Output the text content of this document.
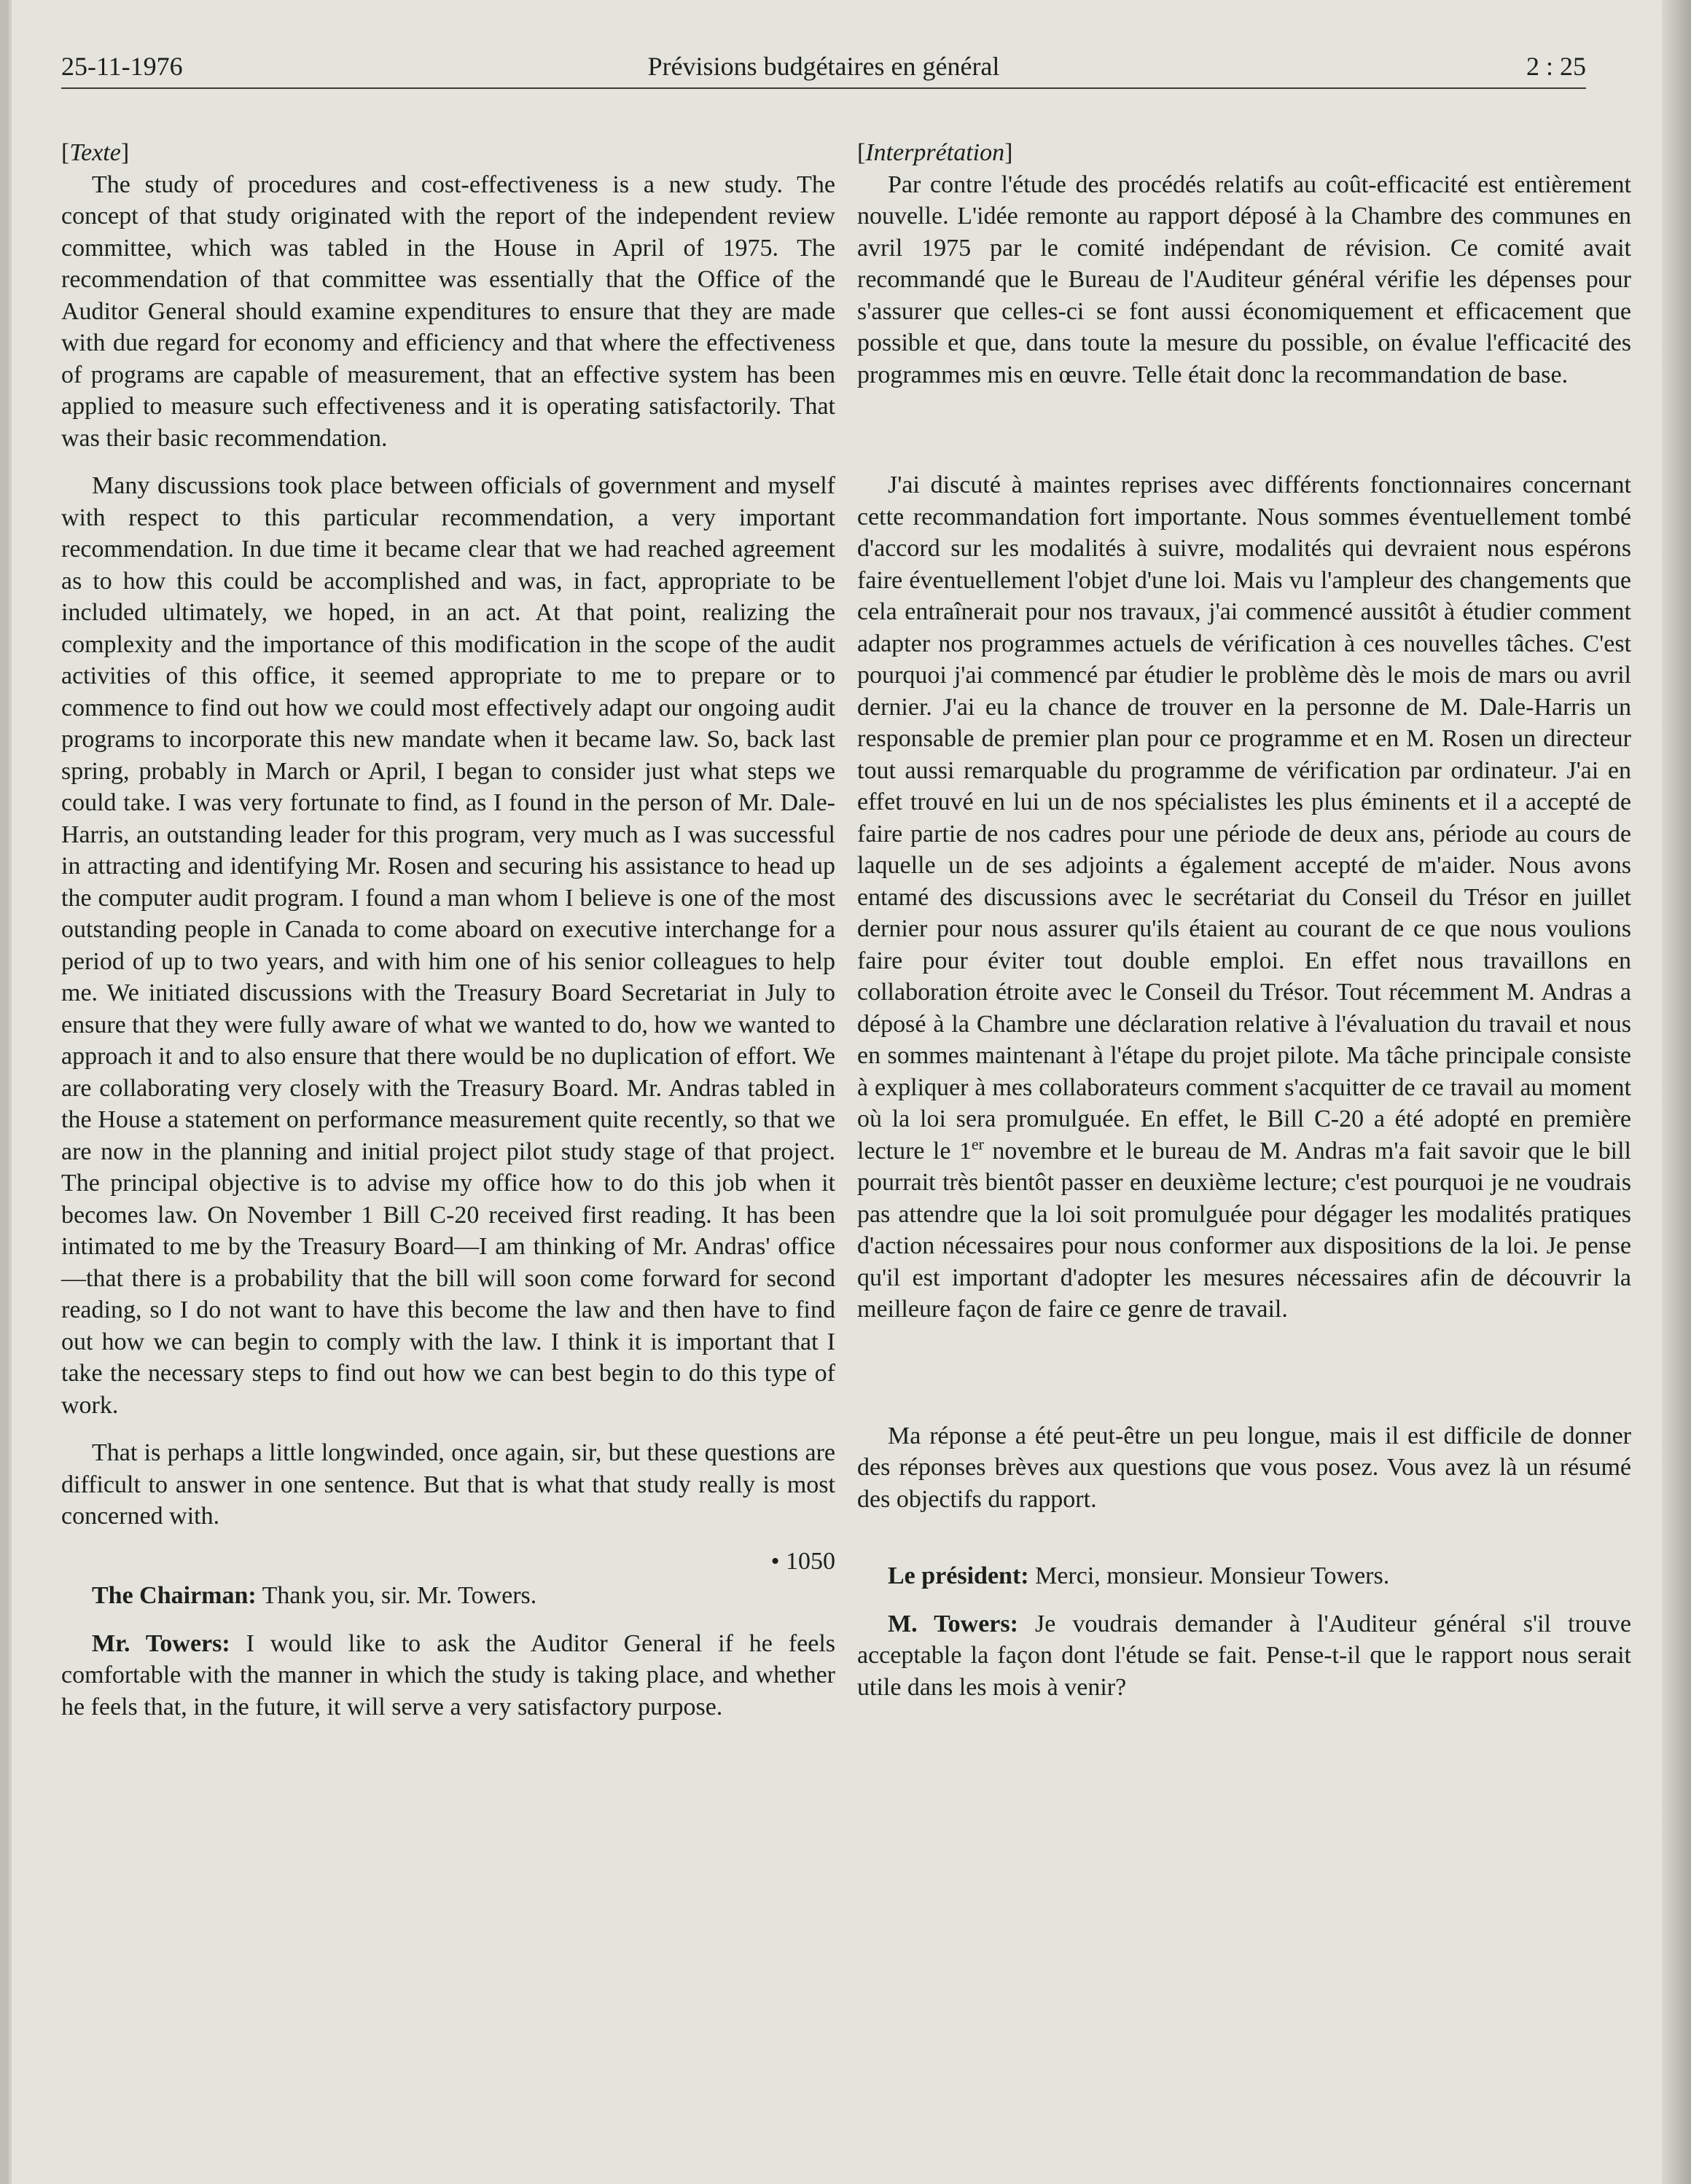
25-11-1976	Prévisions budgétaires en général	2 : 25

[Texte]

The study of procedures and cost-effectiveness is a new study. The concept of that study originated with the report of the independent review committee, which was tabled in the House in April of 1975. The recommendation of that committee was essentially that the Office of the Auditor General should examine expenditures to ensure that they are made with due regard for economy and efficiency and that where the effectiveness of programs are capable of measurement, that an effective system has been applied to measure such effectiveness and it is operating satisfactorily. That was their basic recommendation.

Many discussions took place between officials of government and myself with respect to this particular recommendation, a very important recommendation. In due time it became clear that we had reached agreement as to how this could be accomplished and was, in fact, appropriate to be included ultimately, we hoped, in an act. At that point, realizing the complexity and the importance of this modification in the scope of the audit activities of this office, it seemed appropriate to me to prepare or to commence to find out how we could most effectively adapt our ongoing audit programs to incorporate this new mandate when it became law. So, back last spring, probably in March or April, I began to consider just what steps we could take. I was very fortunate to find, as I found in the person of Mr. Dale-Harris, an outstanding leader for this program, very much as I was successful in attracting and identifying Mr. Rosen and securing his assistance to head up the computer audit program. I found a man whom I believe is one of the most outstanding people in Canada to come aboard on executive interchange for a period of up to two years, and with him one of his senior colleagues to help me. We initiated discussions with the Treasury Board Secretariat in July to ensure that they were fully aware of what we wanted to do, how we wanted to approach it and to also ensure that there would be no duplication of effort. We are collaborating very closely with the Treasury Board. Mr. Andras tabled in the House a statement on performance measurement quite recently, so that we are now in the planning and initial project pilot study stage of that project. The principal objective is to advise my office how to do this job when it becomes law. On November 1 Bill C-20 received first reading. It has been intimated to me by the Treasury Board—I am thinking of Mr. Andras' office—that there is a probability that the bill will soon come forward for second reading, so I do not want to have this become the law and then have to find out how we can begin to comply with the law. I think it is important that I take the necessary steps to find out how we can best begin to do this type of work.

That is perhaps a little longwinded, once again, sir, but these questions are difficult to answer in one sentence. But that is what that study really is most concerned with.

• 1050

The Chairman: Thank you, sir. Mr. Towers.

Mr. Towers: I would like to ask the Auditor General if he feels comfortable with the manner in which the study is taking place, and whether he feels that, in the future, it will serve a very satisfactory purpose.

[Interprétation]

Par contre l'étude des procédés relatifs au coût-efficacité est entièrement nouvelle. L'idée remonte au rapport déposé à la Chambre des communes en avril 1975 par le comité indépendant de révision. Ce comité avait recommandé que le Bureau de l'Auditeur général vérifie les dépenses pour s'assurer que celles-ci se font aussi économiquement et efficacement que possible et que, dans toute la mesure du possible, on évalue l'efficacité des programmes mis en œuvre. Telle était donc la recommandation de base.

J'ai discuté à maintes reprises avec différents fonctionnaires concernant cette recommandation fort importante. Nous sommes éventuellement tombé d'accord sur les modalités à suivre, modalités qui devraient nous espérons faire éventuellement l'objet d'une loi. Mais vu l'ampleur des changements que cela entraînerait pour nos travaux, j'ai commencé aussitôt à étudier comment adapter nos programmes actuels de vérification à ces nouvelles tâches. C'est pourquoi j'ai commencé par étudier le problème dès le mois de mars ou avril dernier. J'ai eu la chance de trouver en la personne de M. Dale-Harris un responsable de premier plan pour ce programme et en M. Rosen un directeur tout aussi remarquable du programme de vérification par ordinateur. J'ai en effet trouvé en lui un de nos spécialistes les plus éminents et il a accepté de faire partie de nos cadres pour une période de deux ans, période au cours de laquelle un de ses adjoints a également accepté de m'aider. Nous avons entamé des discussions avec le secrétariat du Conseil du Trésor en juillet dernier pour nous assurer qu'ils étaient au courant de ce que nous voulions faire pour éviter tout double emploi. En effet nous travaillons en collaboration étroite avec le Conseil du Trésor. Tout récemment M. Andras a déposé à la Chambre une déclaration relative à l'évaluation du travail et nous en sommes maintenant à l'étape du projet pilote. Ma tâche principale consiste à expliquer à mes collaborateurs comment s'acquitter de ce travail au moment où la loi sera promulguée. En effet, le Bill C-20 a été adopté en première lecture le 1er novembre et le bureau de M. Andras m'a fait savoir que le bill pourrait très bientôt passer en deuxième lecture; c'est pourquoi je ne voudrais pas attendre que la loi soit promulguée pour dégager les modalités pratiques d'action nécessaires pour nous conformer aux dispositions de la loi. Je pense qu'il est important d'adopter les mesures nécessaires afin de découvrir la meilleure façon de faire ce genre de travail.

Ma réponse a été peut-être un peu longue, mais il est difficile de donner des réponses brèves aux questions que vous posez. Vous avez là un résumé des objectifs du rapport.

Le président: Merci, monsieur. Monsieur Towers.

M. Towers: Je voudrais demander à l'Auditeur général s'il trouve acceptable la façon dont l'étude se fait. Pense-t-il que le rapport nous serait utile dans les mois à venir?
